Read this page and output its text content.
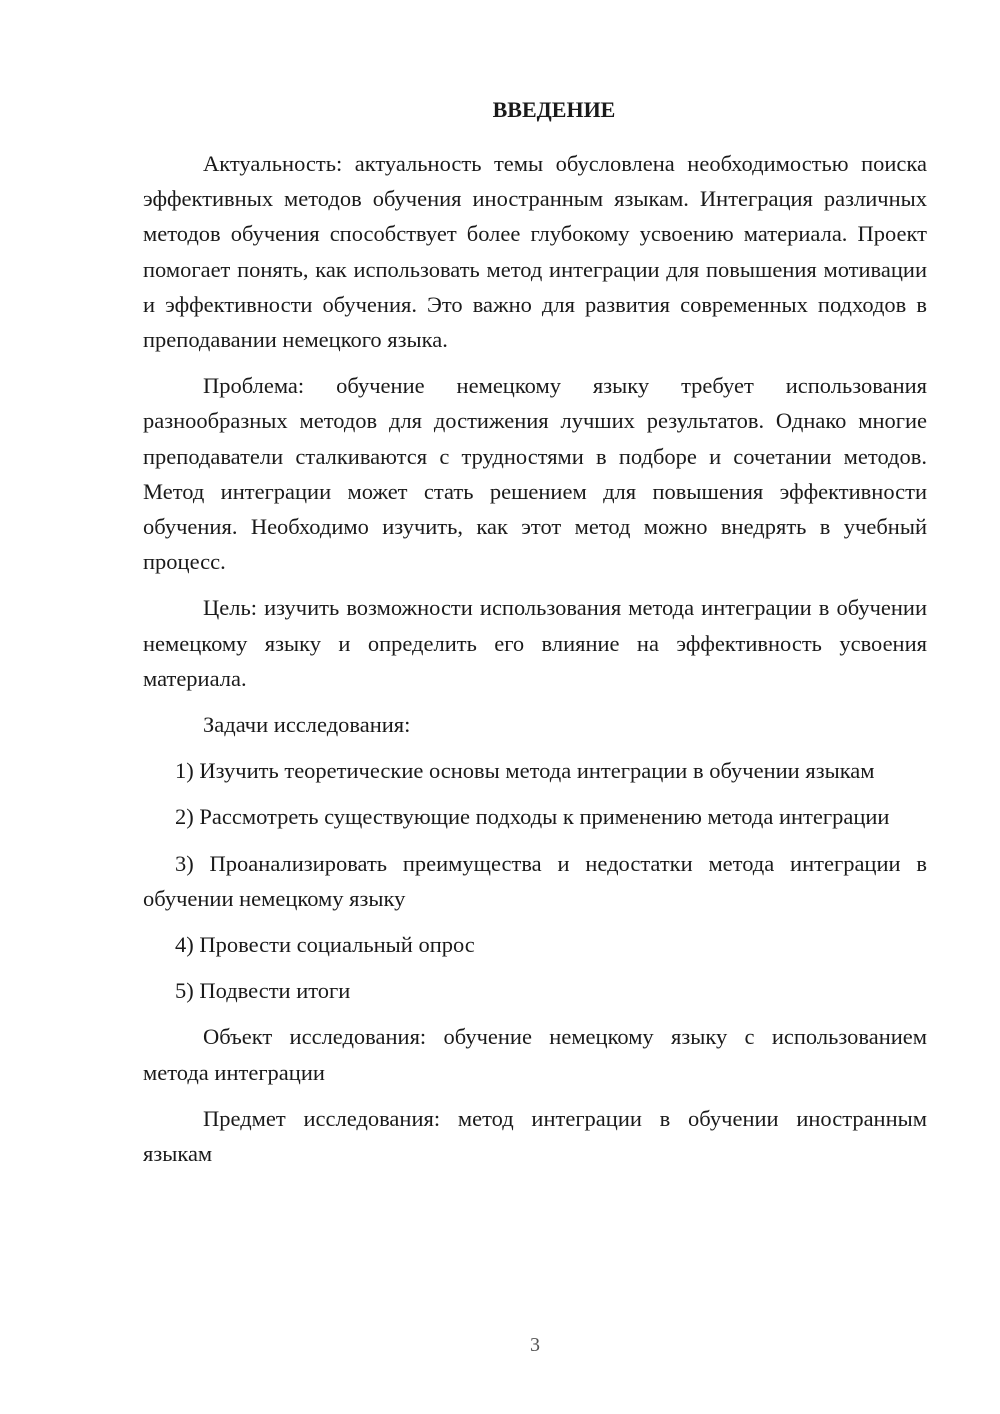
ВВЕДЕНИЕ

Актуальность: актуальность темы обусловлена необходимостью поиска эффективных методов обучения иностранным языкам. Интеграция различных методов обучения способствует более глубокому усвоению материала. Проект помогает понять, как использовать метод интеграции для повышения мотивации и эффективности обучения. Это важно для развития современных подходов в преподавании немецкого языка.

Проблема: обучение немецкому языку требует использования разнообразных методов для достижения лучших результатов. Однако многие преподаватели сталкиваются с трудностями в подборе и сочетании методов. Метод интеграции может стать решением для повышения эффективности обучения. Необходимо изучить, как этот метод можно внедрять в учебный процесс.

Цель: изучить возможности использования метода интеграции в обучении немецкому языку и определить его влияние на эффективность усвоения материала.

Задачи исследования:

1) Изучить теоретические основы метода интеграции в обучении языкам

2) Рассмотреть существующие подходы к применению метода интеграции

3) Проанализировать преимущества и недостатки метода интеграции в обучении немецкому языку

4) Провести социальный опрос

5) Подвести итоги

Объект исследования: обучение немецкому языку с использованием метода интеграции

Предмет исследования: метод интеграции в обучении иностранным языкам

3
